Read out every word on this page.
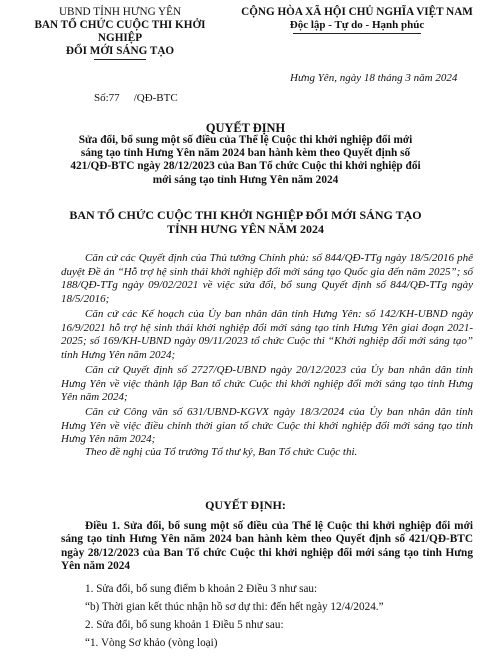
UBND TỈNH HƯNG YÊN
BAN TỔ CHỨC CUỘC THI KHỞI NGHIỆP
ĐỔI MỚI SÁNG TẠO
CỘNG HÒA XÃ HỘI CHỦ NGHĨA VIỆT NAM
Độc lập - Tự do - Hạnh phúc
Hưng Yên, ngày 18 tháng 3 năm 2024
Số:77 /QĐ-BTC
QUYẾT ĐỊNH
Sửa đổi, bổ sung một số điều của Thể lệ Cuộc thi khởi nghiệp đổi mới sáng tạo tỉnh Hưng Yên năm 2024 ban hành kèm theo Quyết định số 421/QĐ-BTC ngày 28/12/2023 của Ban Tổ chức Cuộc thi khởi nghiệp đổi mới sáng tạo tỉnh Hưng Yên năm 2024
BAN TỔ CHỨC CUỘC THI KHỞI NGHIỆP ĐỔI MỚI SÁNG TẠO
TỈNH HƯNG YÊN NĂM 2024
Căn cứ các Quyết định của Thủ tướng Chính phủ: số 844/QĐ-TTg ngày 18/5/2016 phê duyệt Đề án “Hỗ trợ hệ sinh thái khởi nghiệp đổi mới sáng tạo Quốc gia đến năm 2025”; số 188/QĐ-TTg ngày 09/02/2021 về việc sửa đổi, bổ sung Quyết định số 844/QĐ-TTg ngày 18/5/2016;
Căn cứ các Kế hoạch của Ủy ban nhân dân tỉnh Hưng Yên: số 142/KH-UBND ngày 16/9/2021 hỗ trợ hệ sinh thái khởi nghiệp đổi mới sáng tạo tỉnh Hưng Yên giai đoạn 2021-2025; số 169/KH-UBND ngày 09/11/2023 tổ chức Cuộc thi “Khởi nghiệp đổi mới sáng tạo” tỉnh Hưng Yên năm 2024;
Căn cứ Quyết định số 2727/QĐ-UBND ngày 20/12/2023 của Ủy ban nhân dân tỉnh Hưng Yên về việc thành lập Ban tổ chức Cuộc thi khởi nghiệp đổi mới sáng tạo tỉnh Hưng Yên năm 2024;
Căn cứ Công văn số 631/UBND-KGVX ngày 18/3/2024 của Ủy ban nhân dân tỉnh Hưng Yên về việc điều chỉnh thời gian tổ chức Cuộc thi khởi nghiệp đổi mới sáng tạo tỉnh Hưng Yên năm 2024;
Theo đề nghị của Tổ trưởng Tổ thư ký, Ban Tổ chức Cuộc thi.
QUYẾT ĐỊNH:
Điều 1. Sửa đổi, bổ sung một số điều của Thể lệ Cuộc thi khởi nghiệp đổi mới sáng tạo tỉnh Hưng Yên năm 2024 ban hành kèm theo Quyết định số 421/QĐ-BTC ngày 28/12/2023 của Ban Tổ chức Cuộc thi khởi nghiệp đổi mới sáng tạo tỉnh Hưng Yên năm 2024
1. Sửa đổi, bổ sung điểm b khoản 2 Điều 3 như sau:
“b) Thời gian kết thúc nhận hồ sơ dự thi: đến hết ngày 12/4/2024.”
2. Sửa đổi, bổ sung khoản 1 Điều 5 như sau:
“1. Vòng Sơ khảo (vòng loại)
